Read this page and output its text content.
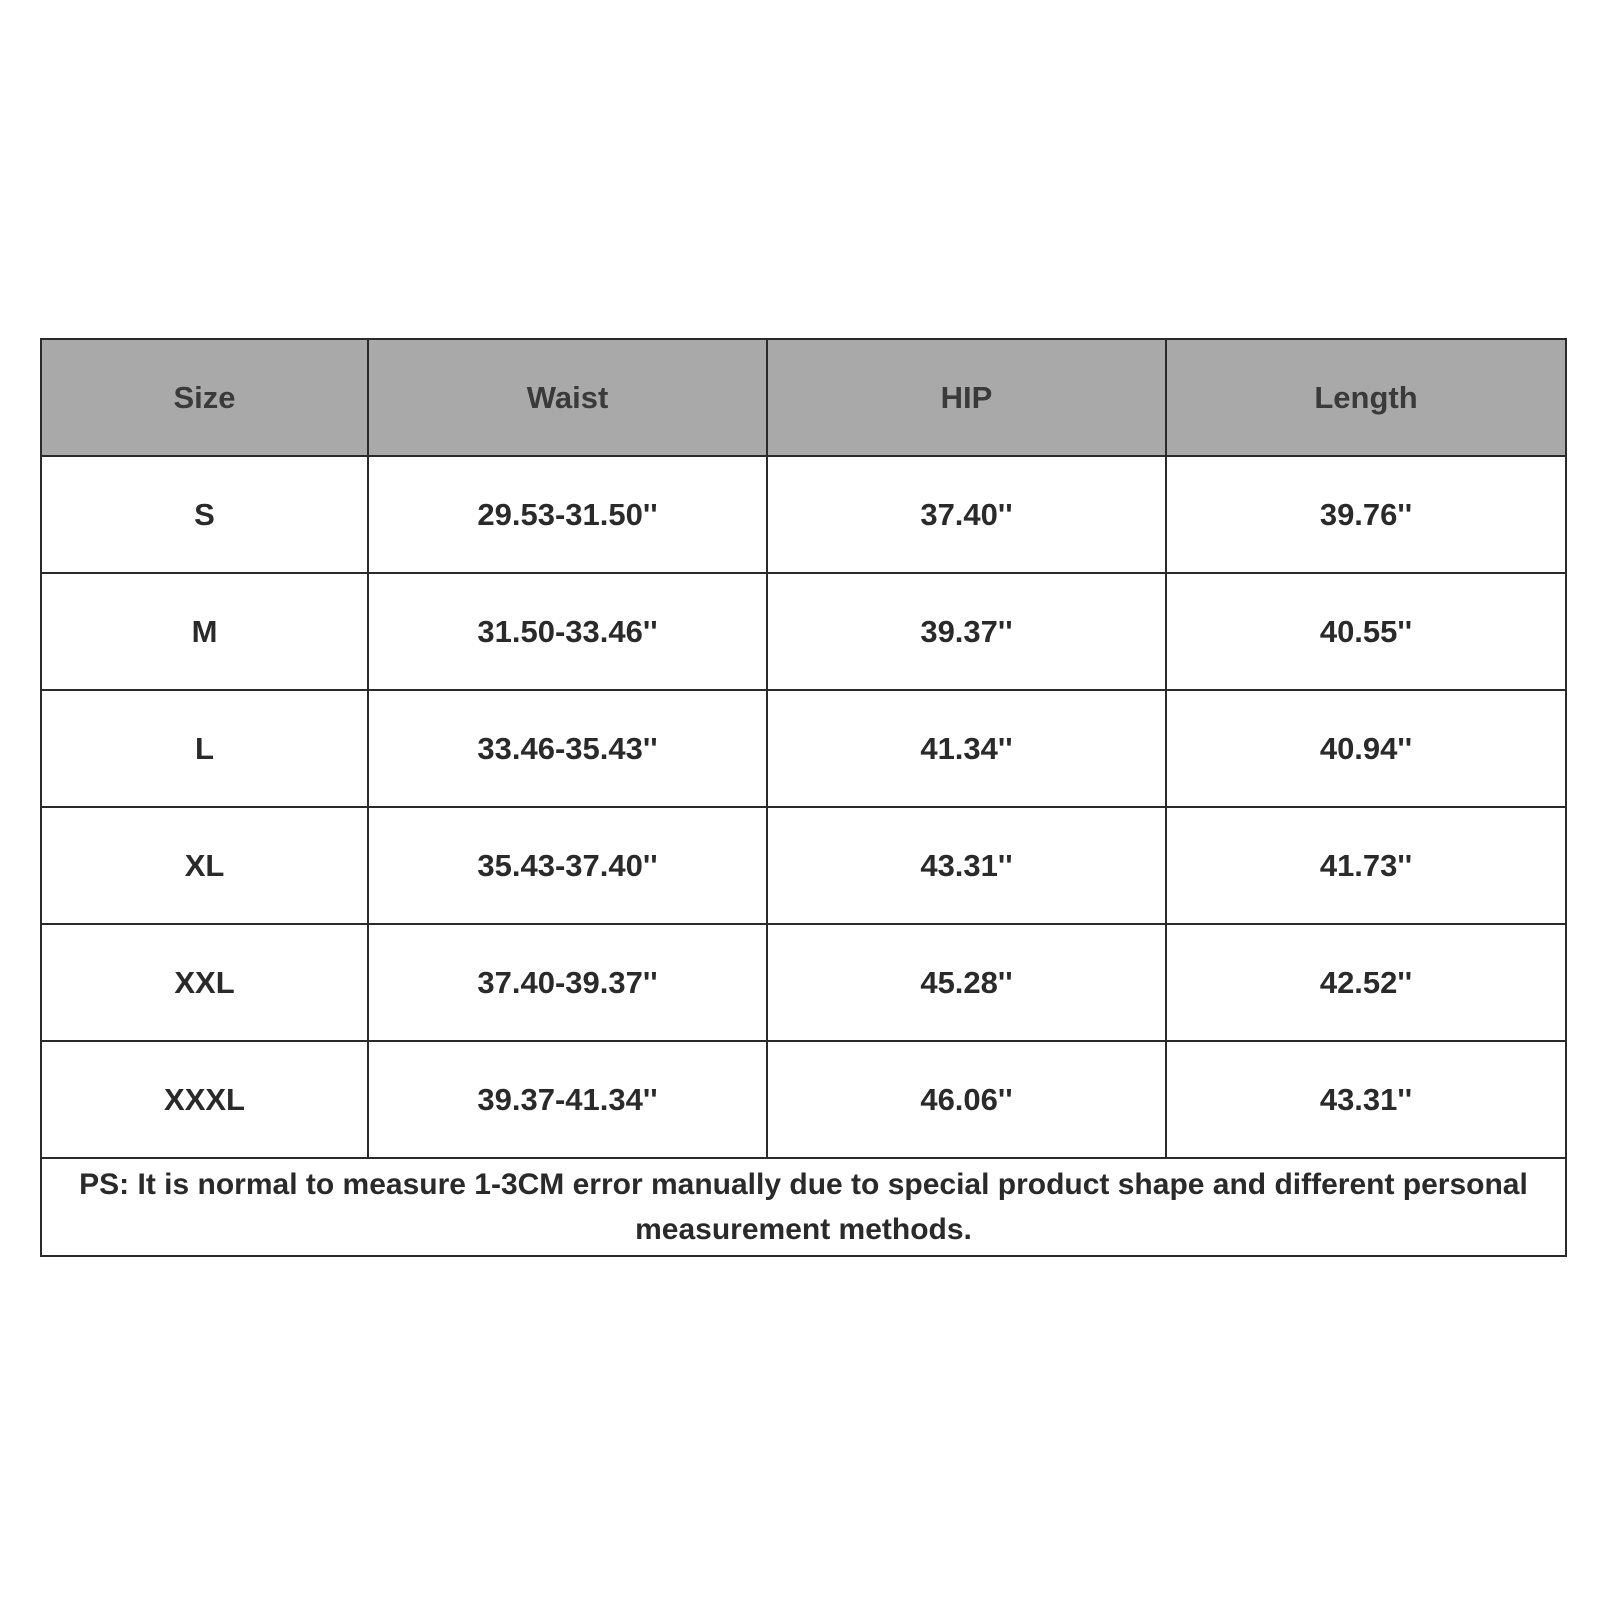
Size	Waist	HIP	Length
S	29.53-31.50''	37.40''	39.76''
M	31.50-33.46''	39.37''	40.55''
L	33.46-35.43''	41.34''	40.94''
XL	35.43-37.40''	43.31''	41.73''
XXL	37.40-39.37''	45.28''	42.52''
XXXL	39.37-41.34''	46.06''	43.31''
PS: It is normal to measure 1-3CM error manually due to special product shape and different personal measurement methods.			
